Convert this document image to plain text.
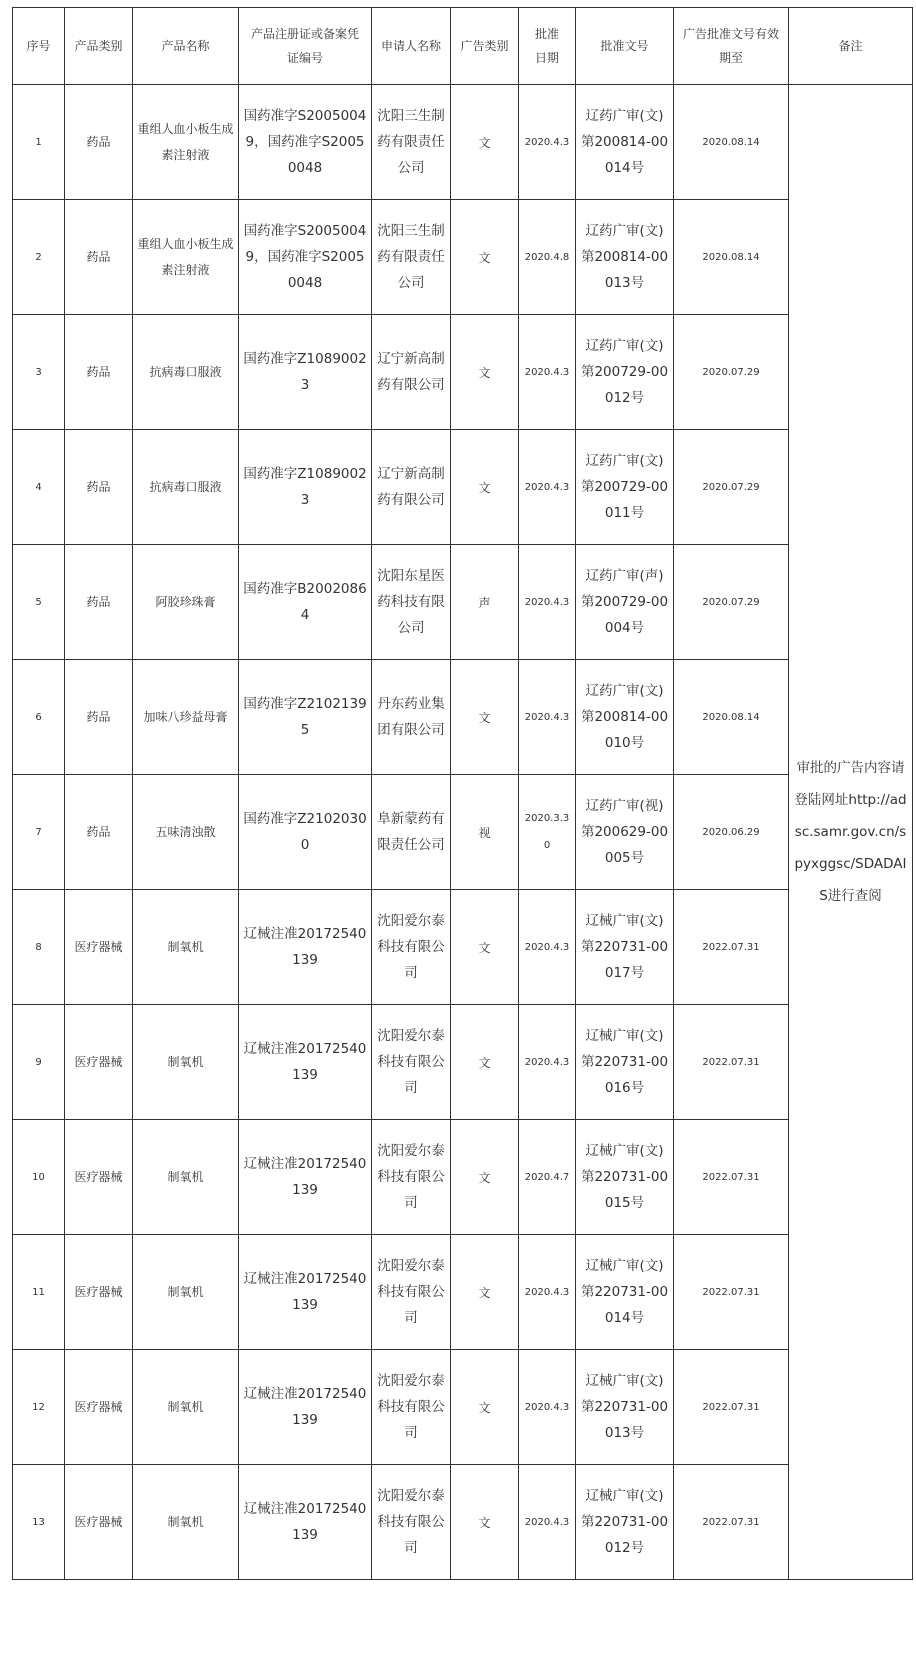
序号	产品类别	产品名称	产品注册证或备案凭证编号	申请人名称	广告类别	批准日期	批准文号	广告批准文号有效期至	备注
1	药品	重组人血小板生成素注射液	国药准字S20050049，国药准字S20050048	沈阳三生制药有限责任公司	文	2020.4.3	辽药广审(文)第200814-00014号	2020.08.14	审批的广告内容请登陆网址http://adsc.samr.gov.cn/spyxggsc/SDADAIS进行查阅
2	药品	重组人血小板生成素注射液	国药准字S20050049，国药准字S20050048	沈阳三生制药有限责任公司	文	2020.4.8	辽药广审(文)第200814-00013号	2020.08.14	
3	药品	抗病毒口服液	国药准字Z10890023	辽宁新高制药有限公司	文	2020.4.3	辽药广审(文)第200729-00012号	2020.07.29	
4	药品	抗病毒口服液	国药准字Z10890023	辽宁新高制药有限公司	文	2020.4.3	辽药广审(文)第200729-00011号	2020.07.29	
5	药品	阿胶珍珠膏	国药准字B20020864	沈阳东星医药科技有限公司	声	2020.4.3	辽药广审(声)第200729-00004号	2020.07.29	
6	药品	加味八珍益母膏	国药准字Z21021395	丹东药业集团有限公司	文	2020.4.3	辽药广审(文)第200814-00010号	2020.08.14	
7	药品	五味清浊散	国药准字Z21020300	阜新蒙药有限责任公司	视	2020.3.30	辽药广审(视)第200629-00005号	2020.06.29	
8	医疗器械	制氧机	辽械注准20172540139	沈阳爱尔泰科技有限公司	文	2020.4.3	辽械广审(文)第220731-00017号	2022.07.31	
9	医疗器械	制氧机	辽械注准20172540139	沈阳爱尔泰科技有限公司	文	2020.4.3	辽械广审(文)第220731-00016号	2022.07.31	
10	医疗器械	制氧机	辽械注准20172540139	沈阳爱尔泰科技有限公司	文	2020.4.7	辽械广审(文)第220731-00015号	2022.07.31	
11	医疗器械	制氧机	辽械注准20172540139	沈阳爱尔泰科技有限公司	文	2020.4.3	辽械广审(文)第220731-00014号	2022.07.31	
12	医疗器械	制氧机	辽械注准20172540139	沈阳爱尔泰科技有限公司	文	2020.4.3	辽械广审(文)第220731-00013号	2022.07.31	
13	医疗器械	制氧机	辽械注准20172540139	沈阳爱尔泰科技有限公司	文	2020.4.3	辽械广审(文)第220731-00012号	2022.07.31	
